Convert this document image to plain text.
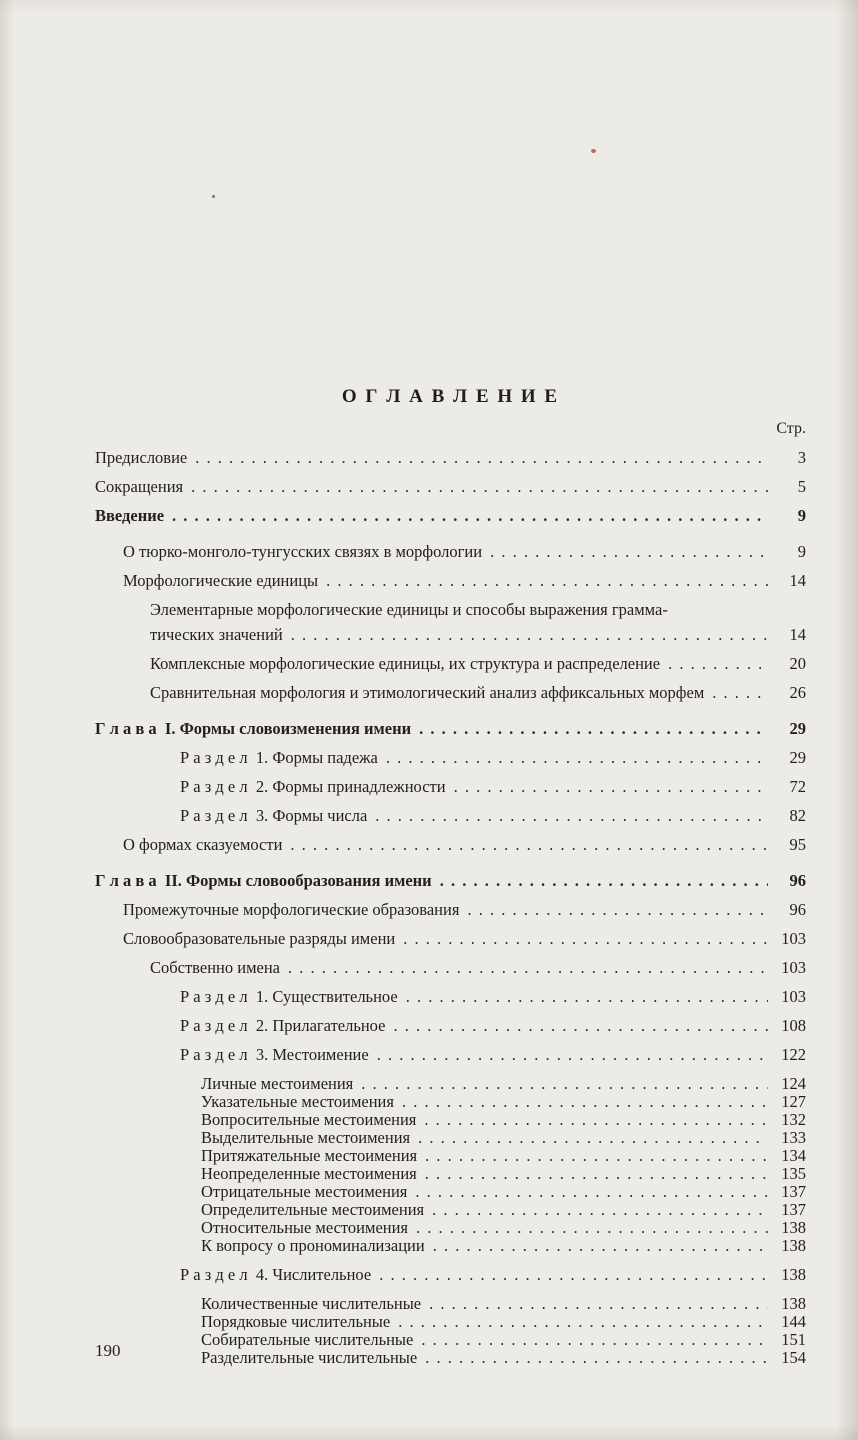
О Г Л А В Л Е Н И Е
Стр.
Предисловие . . .	3
Сокращения . . .	5
Введение . . .	9
О тюрко-монголо-тунгусских связях в морфологии . . .	9
Морфологические единицы . . .	14
Элементарные морфологические единицы и способы выражения грамма-
тических значений . . .	14
Комплексные морфологические единицы, их структура и распределение . . .	20
Сравнительная морфология и этимологический анализ аффиксальных морфем . . .	26
Г л а в а  I. Формы словоизменения имени . . .	29
Р а з д е л  1. Формы падежа . . .	29
Р а з д е л  2. Формы принадлежности . . .	72
Р а з д е л  3. Формы числа . . .	82
О формах сказуемости . . .	95
Г л а в а  II. Формы словообразования имени . . .	96
Промежуточные морфологические образования . . .	96
Словообразовательные разряды имени . . .	103
Собственно имена . . .	103
Р а з д е л  1. Существительное . . .	103
Р а з д е л  2. Прилагательное . . .	108
Р а з д е л  3. Местоимение . . .	122
Личные местоимения . . .	124
Указательные местоимения . . .	127
Вопросительные местоимения . . .	132
Выделительные местоимения . . .	133
Притяжательные местоимения . . .	134
Неопределенные местоимения . . .	135
Отрицательные местоимения . . .	137
Определительные местоимения . . .	137
Относительные местоимения . . .	138
К вопросу о прономинализации . . .	138
Р а з д е л  4. Числительное . . .	138
Количественные числительные . . .	138
Порядковые числительные . . .	144
Собирательные числительные . . .	151
Разделительные числительные . . .	154
190
